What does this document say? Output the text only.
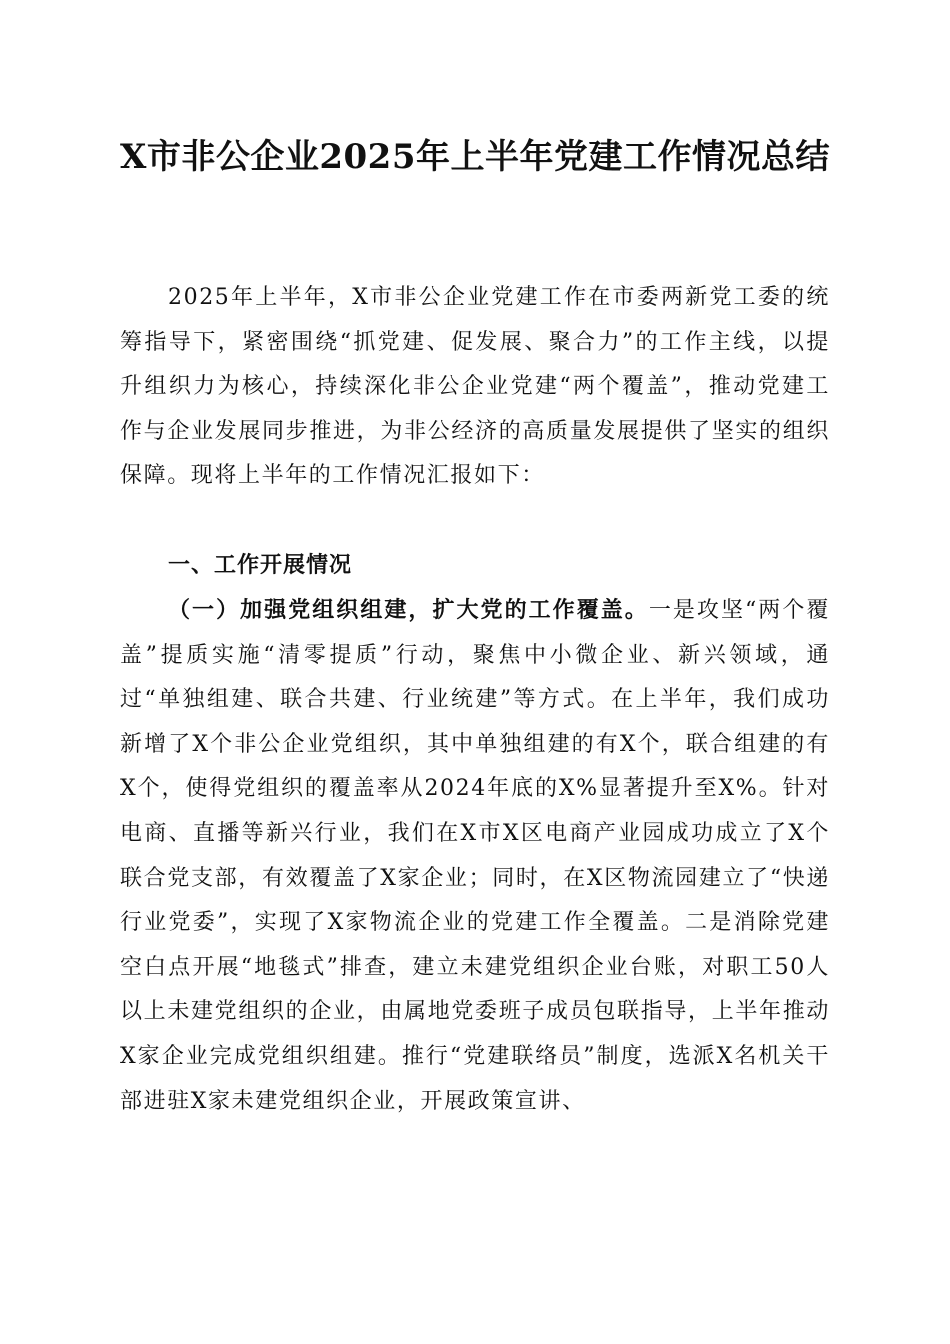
X市非公企业2025年上半年党建工作情况总结

2025年上半年，X市非公企业党建工作在市委两新党工委的统筹指导下，紧密围绕“抓党建、促发展、聚合力”的工作主线，以提升组织力为核心，持续深化非公企业党建“两个覆盖”，推动党建工作与企业发展同步推进，为非公经济的高质量发展提供了坚实的组织保障。现将上半年的工作情况汇报如下：

一、工作开展情况

（一）加强党组织组建，扩大党的工作覆盖。一是攻坚“两个覆盖”提质实施“清零提质”行动，聚焦中小微企业、新兴领域，通过“单独组建、联合共建、行业统建”等方式。在上半年，我们成功新增了X个非公企业党组织，其中单独组建的有X个，联合组建的有X个，使得党组织的覆盖率从2024年底的X%显著提升至X%。针对电商、直播等新兴行业，我们在X市X区电商产业园成功成立了X个联合党支部，有效覆盖了X家企业；同时，在X区物流园建立了“快递行业党委”，实现了X家物流企业的党建工作全覆盖。二是消除党建空白点开展“地毯式”排查，建立未建党组织企业台账，对职工50人以上未建党组织的企业，由属地党委班子成员包联指导，上半年推动X家企业完成党组织组建。推行“党建联络员”制度，选派X名机关干部进驻X家未建党组织企业，开展政策宣讲、
